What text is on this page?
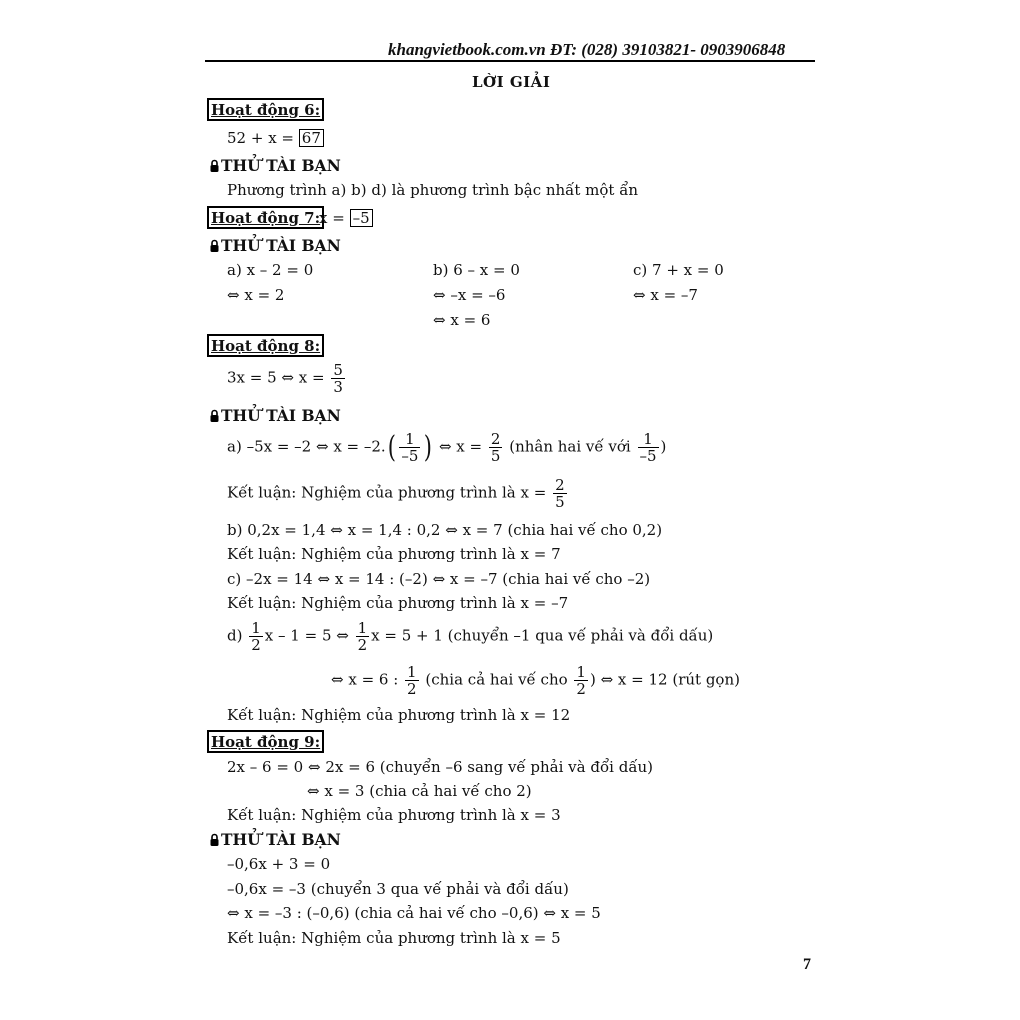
khangvietbook.com.vn ĐT: (028) 39103821- 0903906848
LỜI GIẢI
Hoạt động 6:
52 + x = 67
THỬ TÀI BẠN
Phương trình a) b) d) là phương trình bậc nhất một ẩn
Hoạt động 7:
x = –5
THỬ TÀI BẠN
a) x – 2 = 0
⇔ x = 2
b) 6 – x = 0
⇔ –x = –6
⇔ x = 6
c) 7 + x = 0
⇔ x = –7
Hoạt động 8:
3x = 5 ⇔ $x = \frac{5}{3}$
THỬ TÀI BẠN
a) –5x = –2 ⇔ $x = -2.( \frac{1}{-5}$ ) ⇔ $x = \frac{2}{5}$ (nhân hai vế với $\frac{1}{-5}$ )
Kết luận: Nghiệm của phương trình là $x = \frac{2}{5}$
b) 0,2x = 1,4 ⇔ x = 1,4 : 0,2 ⇔ x = 7 (chia hai vế cho 0,2)
Kết luận: Nghiệm của phương trình là x = 7
c) –2x = 14 ⇔ x = 14 : (–2) ⇔ x = –7 (chia hai vế cho –2)
Kết luận: Nghiệm của phương trình là x = –7
$d) \frac{1}{2}$ x – 1 = 5 ⇔ $\frac{1}{2}$ x = 5 + 1 (chuyển –1 qua vế phải và đổi dấu)
⇔ x = 6 : $\frac{1}{2}$ (chia cả hai vế cho $\frac{1}{2}$ ) ⇔ x = 12 (rút gọn)
Kết luận: Nghiệm của phương trình là x = 12
Hoạt động 9:
2x – 6 = 0 ⇔ 2x = 6 (chuyển –6 sang vế phải và đổi dấu)
⇔ x = 3 (chia cả hai vế cho 2)
Kết luận: Nghiệm của phương trình là x = 3
THỬ TÀI BẠN
–0,6x + 3 = 0
–0,6x = –3 (chuyển 3 qua vế phải và đổi dấu)
⇔ x = –3 : (–0,6) (chia cả hai vế cho –0,6) ⇔ x = 5
Kết luận: Nghiệm của phương trình là x = 5
7
